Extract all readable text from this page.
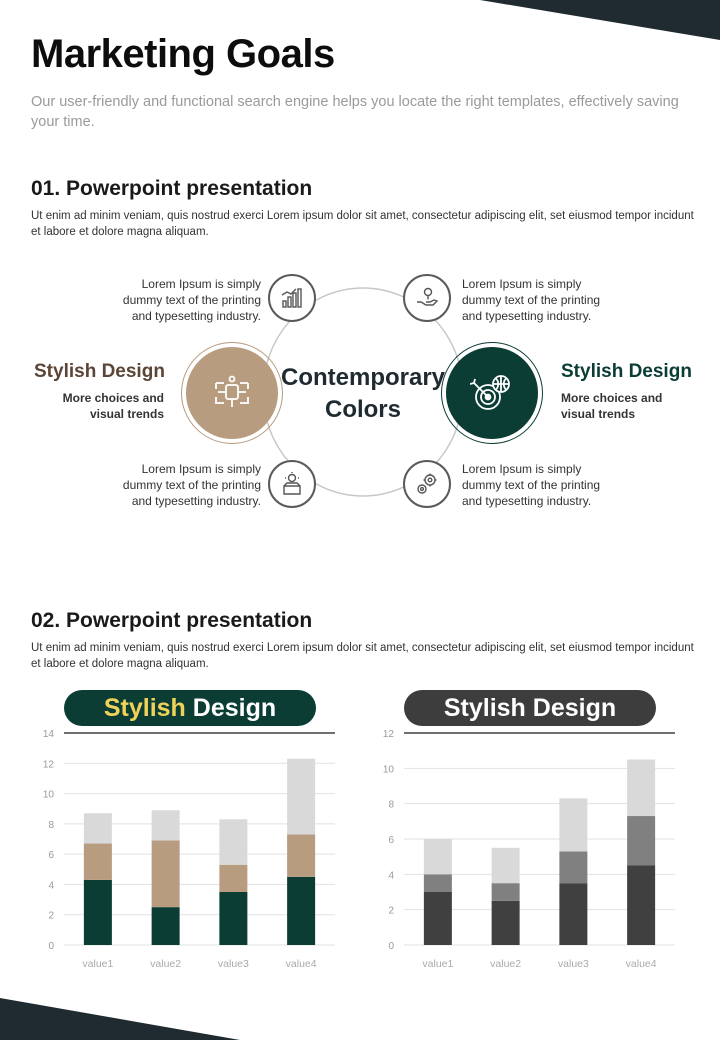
Marketing Goals
Our user-friendly and functional search engine helps you locate the right templates, effectively saving your time.
01. Powerpoint presentation
Ut enim ad minim veniam, quis nostrud exerci Lorem ipsum dolor sit amet, consectetur adipiscing elit, set eiusmod tempor incidunt et labore et dolore magna aliquam.
Contemporary
Colors
Stylish Design
More choices and
visual trends
Stylish Design
More choices and
visual trends
Lorem Ipsum is simply
dummy text of the printing
and typesetting industry.
Lorem Ipsum is simply
dummy text of the printing
and typesetting industry.
Lorem Ipsum is simply
dummy text of the printing
and typesetting industry.
Lorem Ipsum is simply
dummy text of the printing
and typesetting industry.
02. Powerpoint presentation
Ut enim ad minim veniam, quis nostrud exerci Lorem ipsum dolor sit amet, consectetur adipiscing elit, set eiusmod tempor incidunt et labore et dolore magna aliquam.
Stylish Design	Stylish Design
0
2
4
6
8
10
12
14
value1	value2	value3	value4
0
2
4
6
8
10
12
value1	value2	value3	value4
